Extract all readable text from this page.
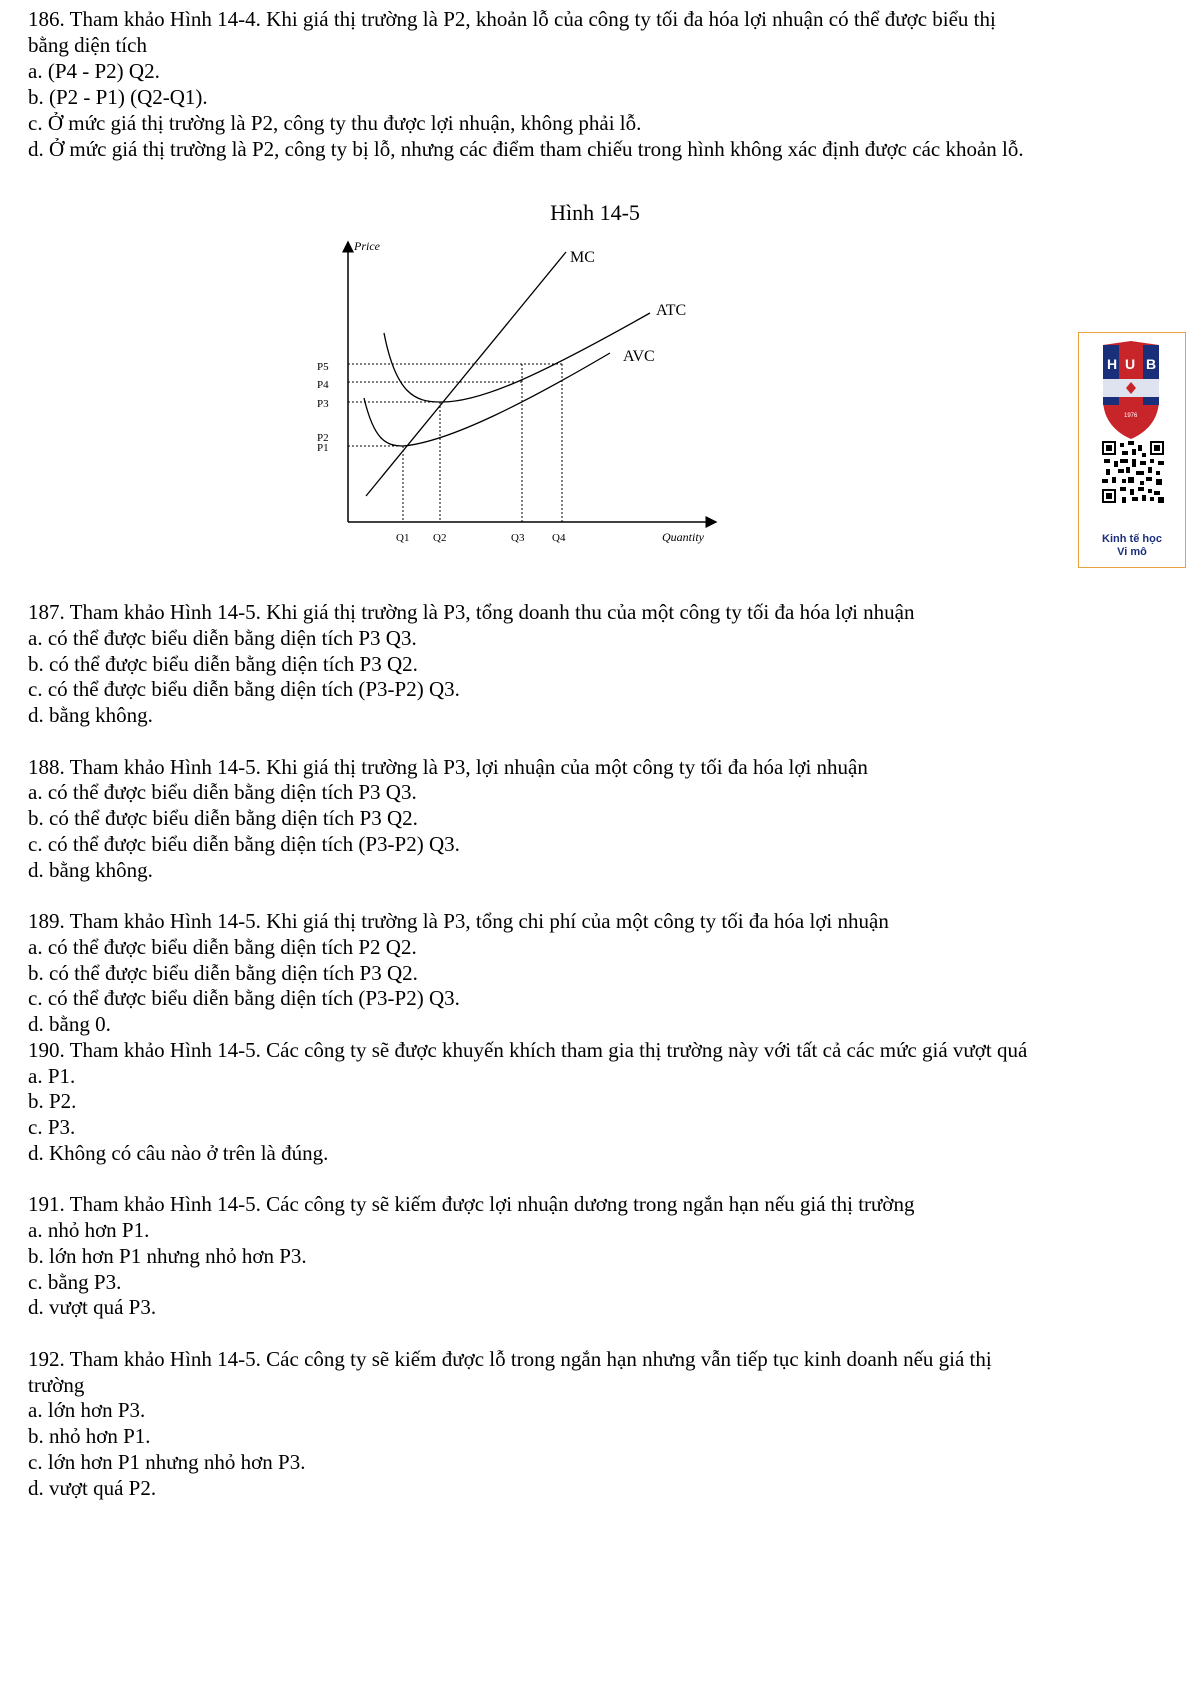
186. Tham khảo Hình 14-4. Khi giá thị trường là P2, khoản lỗ của công ty tối đa hóa lợi nhuận có thể được biểu thị
bằng diện tích
a. (P4 - P2) Q2.
b. (P2 - P1) (Q2-Q1).
c. Ở mức giá thị trường là P2, công ty thu được lợi nhuận, không phải lỗ.
d. Ở mức giá thị trường là P2, công ty bị lỗ, nhưng các điểm tham chiếu trong hình không xác định được các khoản lỗ.
Hình 14-5
Price
Quantity
MC
ATC
AVC
P5
P4
P3
P2
P1
Q1 Q2	Q3	Q4
H U B
1976
Kinh tế học
Vi mô
187. Tham khảo Hình 14-5. Khi giá thị trường là P3, tổng doanh thu của một công ty tối đa hóa lợi nhuận
a. có thể được biểu diễn bằng diện tích P3 Q3.
b. có thể được biểu diễn bằng diện tích P3 Q2.
c. có thể được biểu diễn bằng diện tích (P3-P2) Q3.
d. bằng không.
188. Tham khảo Hình 14-5. Khi giá thị trường là P3, lợi nhuận của một công ty tối đa hóa lợi nhuận
a. có thể được biểu diễn bằng diện tích P3 Q3.
b. có thể được biểu diễn bằng diện tích P3 Q2.
c. có thể được biểu diễn bằng diện tích (P3-P2) Q3.
d. bằng không.
189. Tham khảo Hình 14-5. Khi giá thị trường là P3, tổng chi phí của một công ty tối đa hóa lợi nhuận
a. có thể được biểu diễn bằng diện tích P2 Q2.
b. có thể được biểu diễn bằng diện tích P3 Q2.
c. có thể được biểu diễn bằng diện tích (P3-P2) Q3.
d. bằng 0.
190. Tham khảo Hình 14-5. Các công ty sẽ được khuyến khích tham gia thị trường này với tất cả các mức giá vượt quá
a. P1.
b. P2.
c. P3.
d. Không có câu nào ở trên là đúng.
191. Tham khảo Hình 14-5. Các công ty sẽ kiếm được lợi nhuận dương trong ngắn hạn nếu giá thị trường
a. nhỏ hơn P1.
b. lớn hơn P1 nhưng nhỏ hơn P3.
c. bằng P3.
d. vượt quá P3.
192. Tham khảo Hình 14-5. Các công ty sẽ kiếm được lỗ trong ngắn hạn nhưng vẫn tiếp tục kinh doanh nếu giá thị
trường
a. lớn hơn P3.
b. nhỏ hơn P1.
c. lớn hơn P1 nhưng nhỏ hơn P3.
d. vượt quá P2.
